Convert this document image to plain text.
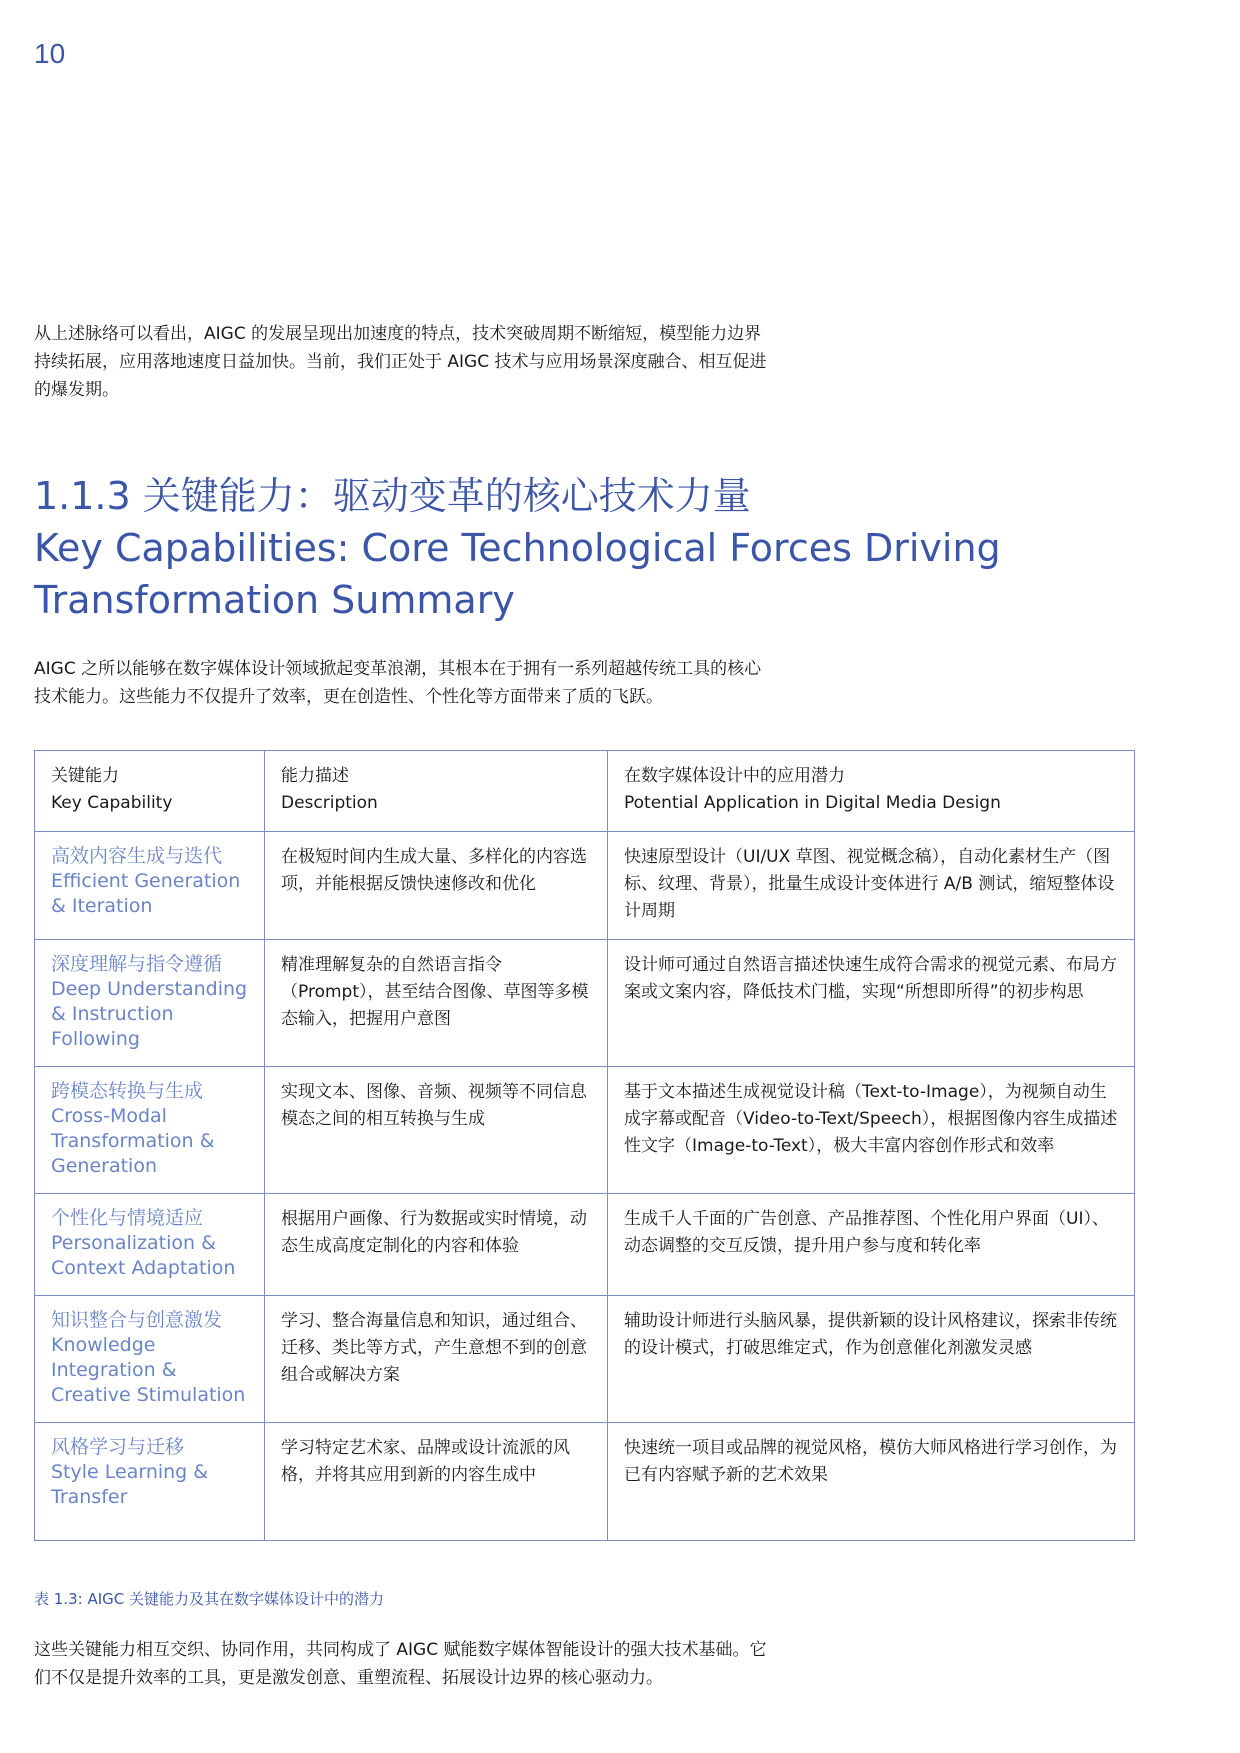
10

从上述脉络可以看出，AIGC 的发展呈现出加速度的特点，技术突破周期不断缩短，模型能力边界持续拓展，应用落地速度日益加快。当前，我们正处于 AIGC 技术与应用场景深度融合、相互促进的爆发期。

1.1.3 关键能力：驱动变革的核心技术力量
Key Capabilities: Core Technological Forces Driving Transformation Summary

AIGC 之所以能够在数字媒体设计领域掀起变革浪潮，其根本在于拥有一系列超越传统工具的核心技术能力。这些能力不仅提升了效率，更在创造性、个性化等方面带来了质的飞跃。

关键能力
Key Capability	能力描述
Description	在数字媒体设计中的应用潜力
Potential Application in Digital Media Design

高效内容生成与迭代
Efficient Generation & Iteration	在极短时间内生成大量、多样化的内容选项，并能根据反馈快速修改和优化	快速原型设计（UI/UX 草图、视觉概念稿），自动化素材生产（图标、纹理、背景），批量生成设计变体进行 A/B 测试，缩短整体设计周期

深度理解与指令遵循
Deep Understanding & Instruction Following	精准理解复杂的自然语言指令（Prompt），甚至结合图像、草图等多模态输入，把握用户意图	设计师可通过自然语言描述快速生成符合需求的视觉元素、布局方案或文案内容，降低技术门槛，实现“所想即所得”的初步构思

跨模态转换与生成
Cross-Modal Transformation & Generation	实现文本、图像、音频、视频等不同信息模态之间的相互转换与生成	基于文本描述生成视觉设计稿（Text-to-Image），为视频自动生成字幕或配音（Video-to-Text/Speech），根据图像内容生成描述性文字（Image-to-Text），极大丰富内容创作形式和效率

个性化与情境适应
Personalization & Context Adaptation	根据用户画像、行为数据或实时情境，动态生成高度定制化的内容和体验	生成千人千面的广告创意、产品推荐图、个性化用户界面（UI）、动态调整的交互反馈，提升用户参与度和转化率

知识整合与创意激发
Knowledge Integration & Creative Stimulation	学习、整合海量信息和知识，通过组合、迁移、类比等方式，产生意想不到的创意组合或解决方案	辅助设计师进行头脑风暴，提供新颖的设计风格建议，探索非传统的设计模式，打破思维定式，作为创意催化剂激发灵感

风格学习与迁移
Style Learning & Transfer	学习特定艺术家、品牌或设计流派的风格，并将其应用到新的内容生成中	快速统一项目或品牌的视觉风格，模仿大师风格进行学习创作，为已有内容赋予新的艺术效果

表 1.3: AIGC 关键能力及其在数字媒体设计中的潜力

这些关键能力相互交织、协同作用，共同构成了 AIGC 赋能数字媒体智能设计的强大技术基础。它们不仅是提升效率的工具，更是激发创意、重塑流程、拓展设计边界的核心驱动力。
